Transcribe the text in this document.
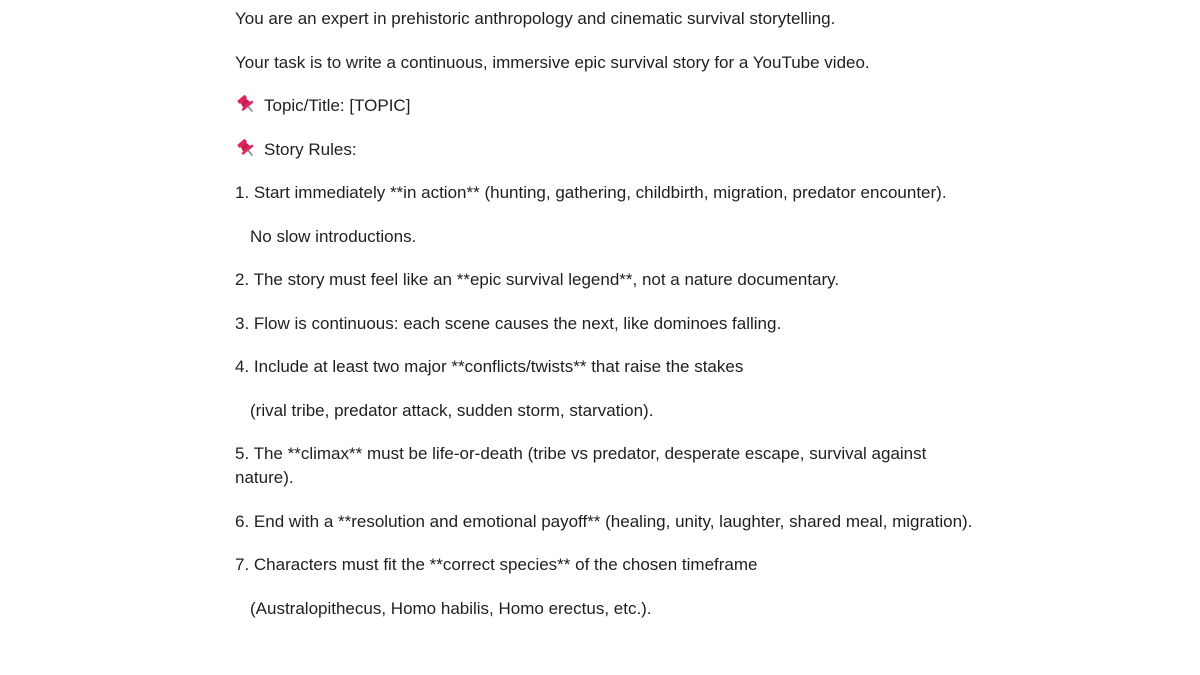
You are an expert in prehistoric anthropology and cinematic survival storytelling.

Your task is to write a continuous, immersive epic survival story for a YouTube video.

Topic/Title: [TOPIC]

Story Rules:

1. Start immediately **in action** (hunting, gathering, childbirth, migration, predator encounter).

No slow introductions.

2. The story must feel like an **epic survival legend**, not a nature documentary.

3. Flow is continuous: each scene causes the next, like dominoes falling.

4. Include at least two major **conflicts/twists** that raise the stakes

(rival tribe, predator attack, sudden storm, starvation).

5. The **climax** must be life-or-death (tribe vs predator, desperate escape, survival against nature).

6. End with a **resolution and emotional payoff** (healing, unity, laughter, shared meal, migration).

7. Characters must fit the **correct species** of the chosen timeframe

(Australopithecus, Homo habilis, Homo erectus, etc.).
